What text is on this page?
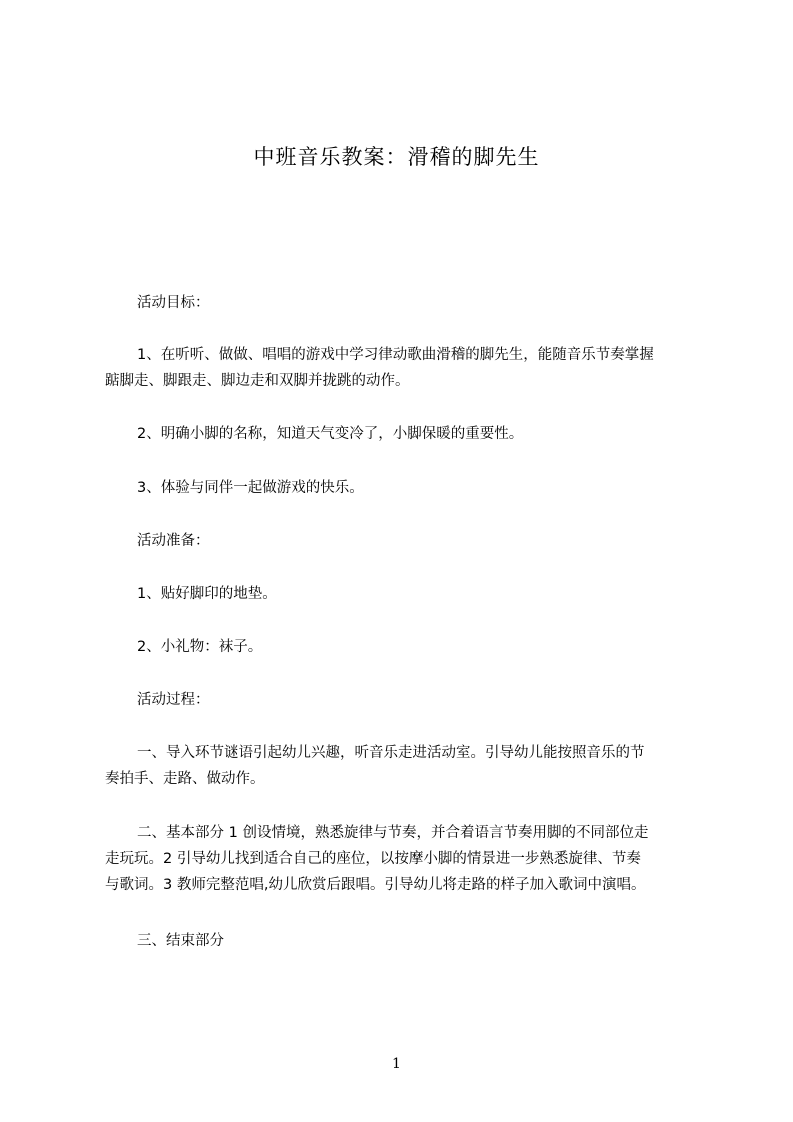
中班音乐教案：滑稽的脚先生

活动目标：

1、在听听、做做、唱唱的游戏中学习律动歌曲滑稽的脚先生，能随音乐节奏掌握
踮脚走、脚跟走、脚边走和双脚并拢跳的动作。

2、明确小脚的名称，知道天气变冷了，小脚保暖的重要性。

3、体验与同伴一起做游戏的快乐。

活动准备：

1、贴好脚印的地垫。

2、小礼物：袜子。

活动过程：

一、导入环节谜语引起幼儿兴趣，听音乐走进活动室。引导幼儿能按照音乐的节
奏拍手、走路、做动作。

二、基本部分 1 创设情境，熟悉旋律与节奏，并合着语言节奏用脚的不同部位走
走玩玩。2 引导幼儿找到适合自己的座位，以按摩小脚的情景进一步熟悉旋律、节奏
与歌词。3 教师完整范唱,幼儿欣赏后跟唱。引导幼儿将走路的样子加入歌词中演唱。

三、结束部分

1
